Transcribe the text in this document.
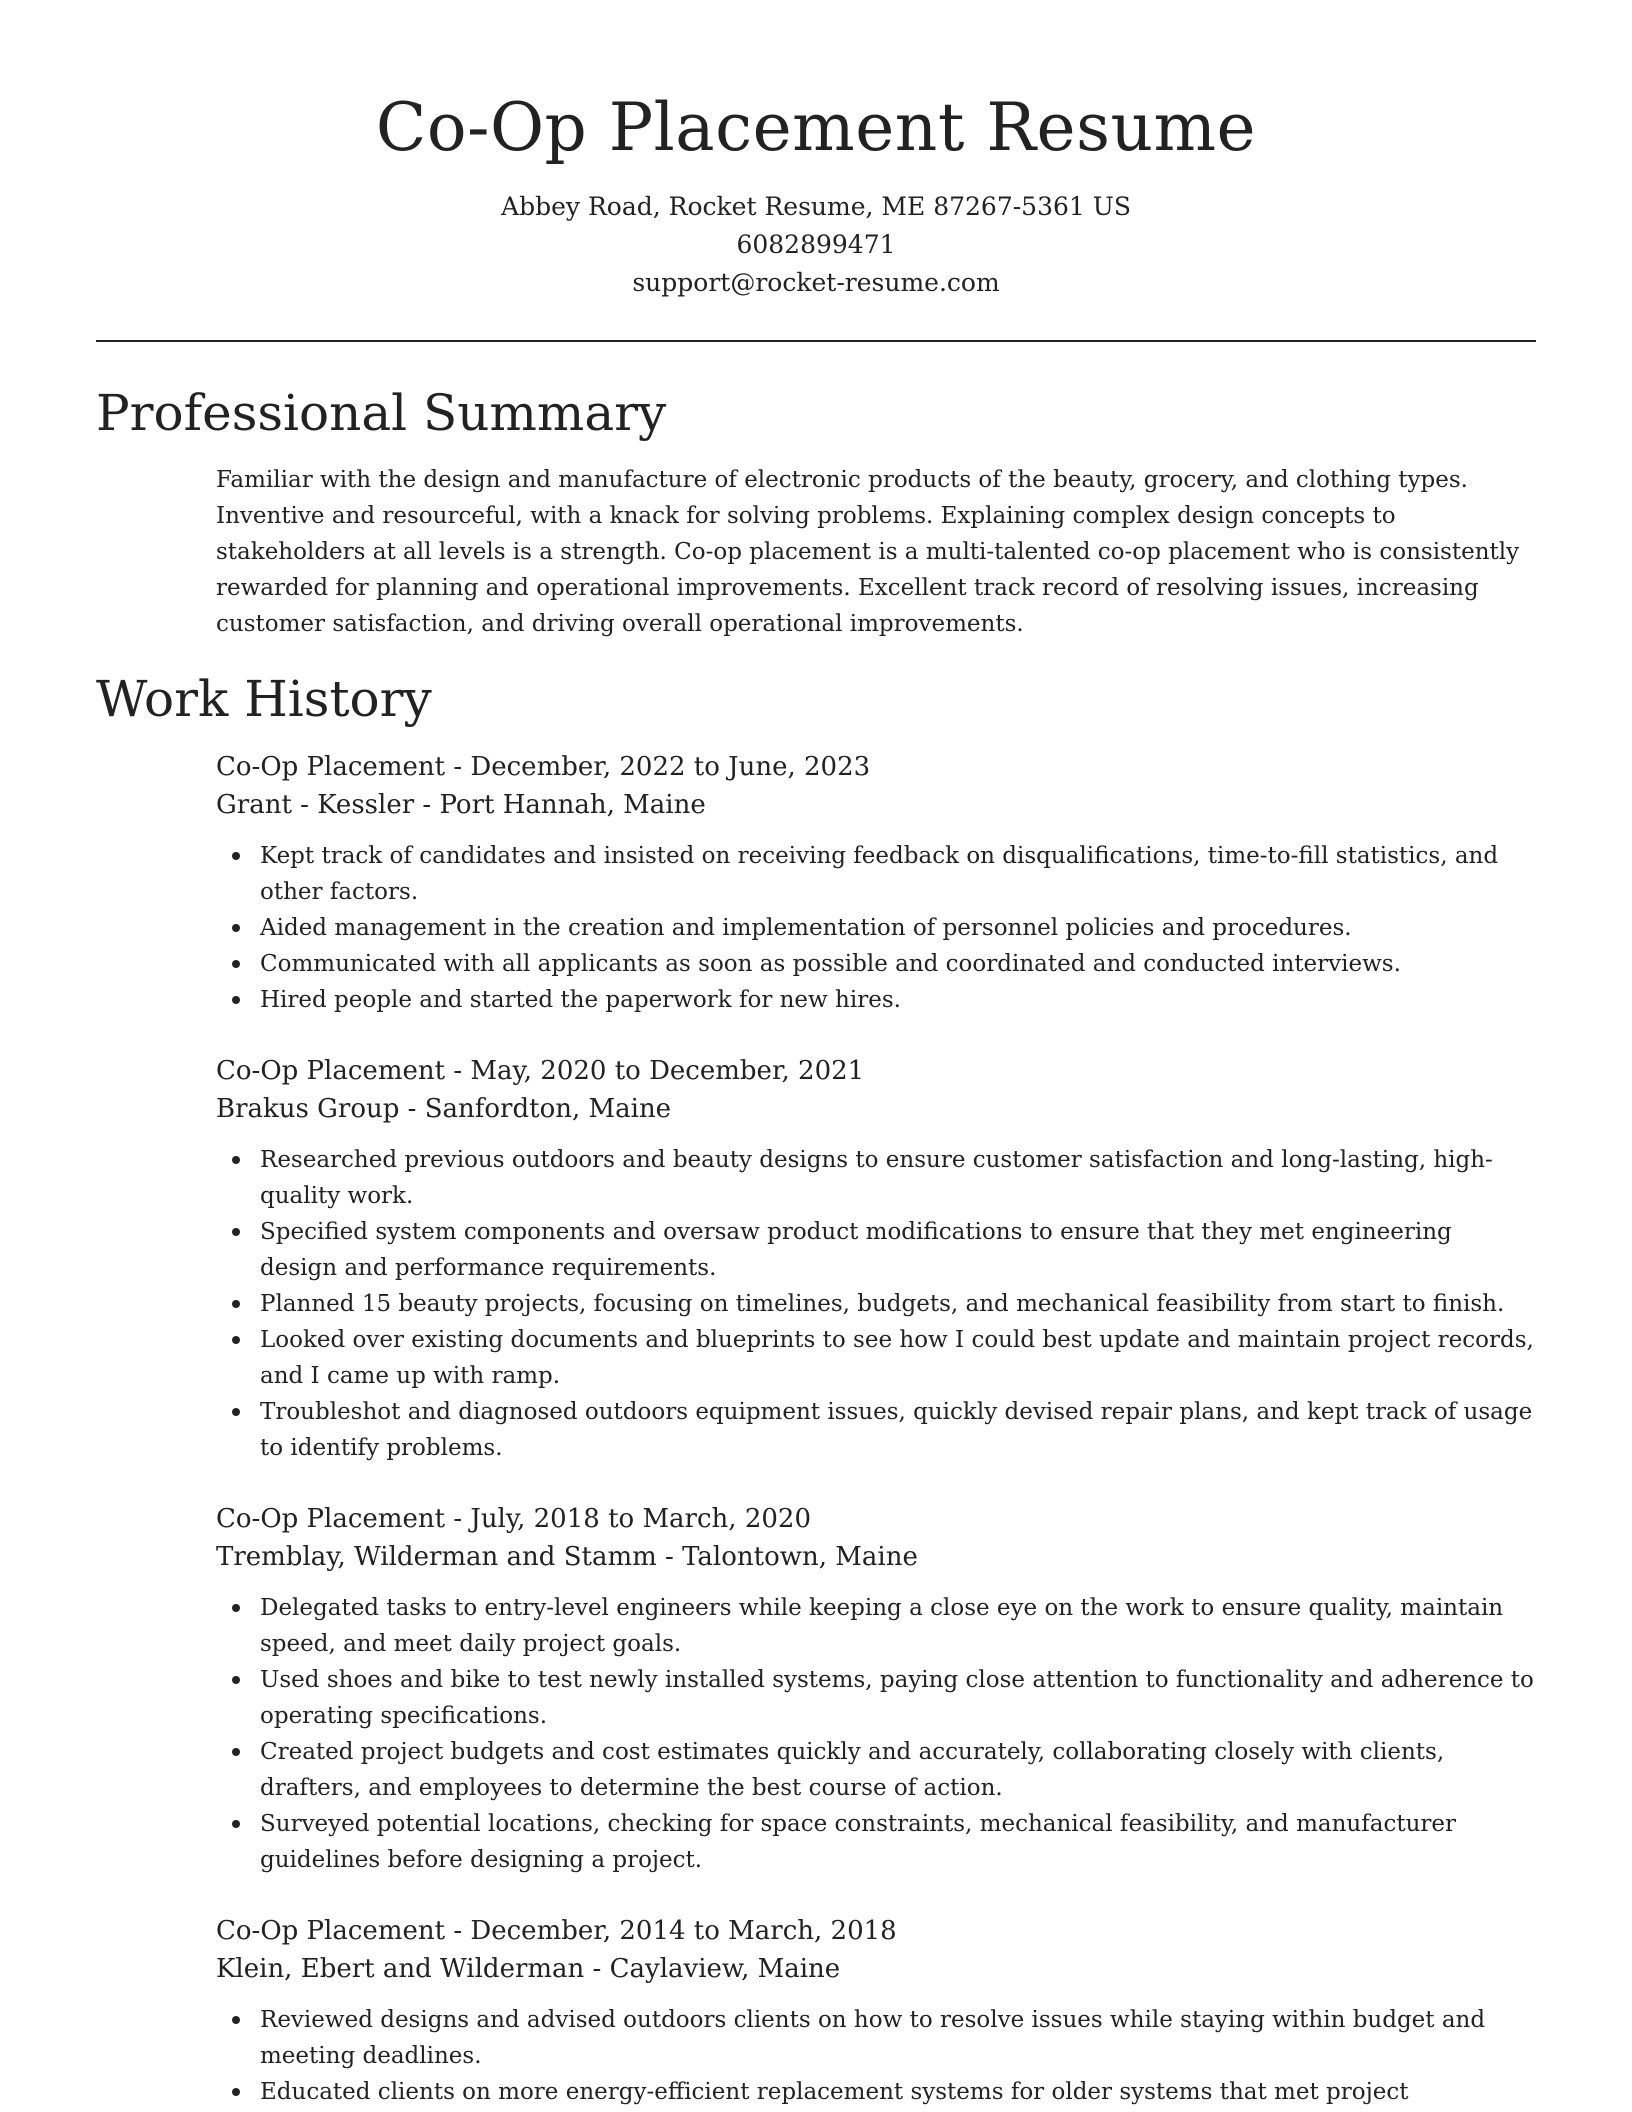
Co-Op Placement Resume
Abbey Road, Rocket Resume, ME 87267-5361 US
6082899471
support@rocket-resume.com
Professional Summary

Familiar with the design and manufacture of electronic products of the beauty, grocery, and clothing types. Inventive and resourceful, with a knack for solving problems. Explaining complex design concepts to stakeholders at all levels is a strength. Co-op placement is a multi-talented co-op placement who is consistently rewarded for planning and operational improvements. Excellent track record of resolving issues, increasing customer satisfaction, and driving overall operational improvements.

Work History
Co-Op Placement - December, 2022 to June, 2023
Grant - Kessler - Port Hannah, Maine
Kept track of candidates and insisted on receiving feedback on disqualifications, time-to-fill statistics, and other factors.
Aided management in the creation and implementation of personnel policies and procedures.
Communicated with all applicants as soon as possible and coordinated and conducted interviews.
Hired people and started the paperwork for new hires.
Co-Op Placement - May, 2020 to December, 2021
Brakus Group - Sanfordton, Maine
Researched previous outdoors and beauty designs to ensure customer satisfaction and long-lasting, high-quality work.
Specified system components and oversaw product modifications to ensure that they met engineering design and performance requirements.
Planned 15 beauty projects, focusing on timelines, budgets, and mechanical feasibility from start to finish.
Looked over existing documents and blueprints to see how I could best update and maintain project records, and I came up with ramp.
Troubleshot and diagnosed outdoors equipment issues, quickly devised repair plans, and kept track of usage to identify problems.
Co-Op Placement - July, 2018 to March, 2020
Tremblay, Wilderman and Stamm - Talontown, Maine
Delegated tasks to entry-level engineers while keeping a close eye on the work to ensure quality, maintain speed, and meet daily project goals.
Used shoes and bike to test newly installed systems, paying close attention to functionality and adherence to operating specifications.
Created project budgets and cost estimates quickly and accurately, collaborating closely with clients, drafters, and employees to determine the best course of action.
Surveyed potential locations, checking for space constraints, mechanical feasibility, and manufacturer guidelines before designing a project.
Co-Op Placement - December, 2014 to March, 2018
Klein, Ebert and Wilderman - Caylaview, Maine
Reviewed designs and advised outdoors clients on how to resolve issues while staying within budget and meeting deadlines.
Educated clients on more energy-efficient replacement systems for older systems that met project
